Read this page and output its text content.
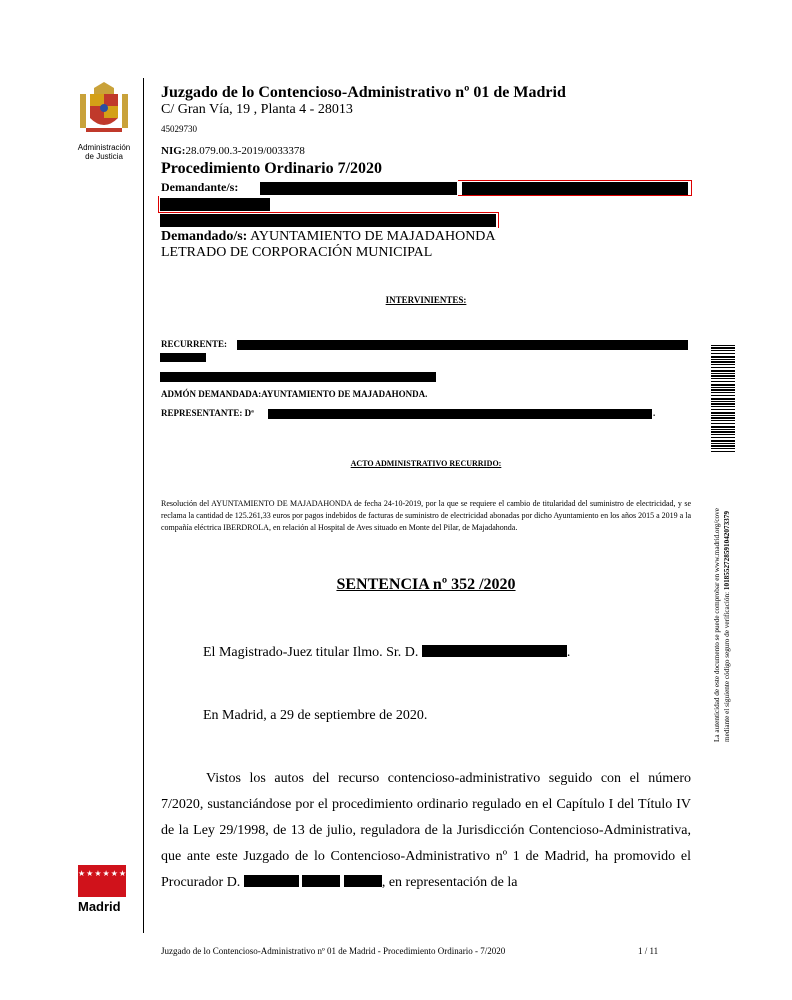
Administración
de Justicia
★★★★★★★
Madrid
Juzgado de lo Contencioso-Administrativo nº 01 de Madrid
C/ Gran Vía, 19 , Planta 4 - 28013
45029730
NIG:28.079.00.3-2019/0033378
Procedimiento Ordinario 7/2020
Demandante/s:
Demandado/s: AYUNTAMIENTO DE MAJADAHONDA
LETRADO DE CORPORACIÓN MUNICIPAL
INTERVINIENTES:
RECURRENTE:
ADMÓN DEMANDADA:AYUNTAMIENTO DE MAJADAHONDA.
REPRESENTANTE: Dª	.
ACTO ADMINISTRATIVO RECURRIDO:
Resolución del AYUNTAMIENTO DE MAJADAHONDA de fecha 24-10-2019, por la que se requiere el cambio de titularidad del suministro de electricidad, y se reclama la cantidad de 125.261,33 euros por pagos indebidos de facturas de suministro de electricidad abonadas por dicho Ayuntamiento en los años 2015 a 2019 a la compañía eléctrica IBERDROLA, en relación al Hospital de Aves situado en Monte del Pilar, de Majadahonda.
SENTENCIA nº 352 /2020
El Magistrado-Juez titular Ilmo. Sr. D.	.
En Madrid, a 29 de septiembre de 2020.
Vistos los autos del recurso contencioso-administrativo seguido con el número 7/2020, sustanciándose por el procedimiento ordinario regulado en el Capítulo I del Título IV de la Ley 29/1998, de 13 de julio, reguladora de la Jurisdicción Contencioso-Administrativa, que ante este Juzgado de lo Contencioso-Administrativo nº 1 de Madrid, ha promovido el Procurador D.	, en representación de la
La autenticidad de este documento se puede comprobar en www.madrid.org/cove mediante el siguiente código seguro de verificación: 1018552728591042073379
Juzgado de lo Contencioso-Administrativo nº 01 de Madrid - Procedimiento Ordinario - 7/2020	1 / 11
